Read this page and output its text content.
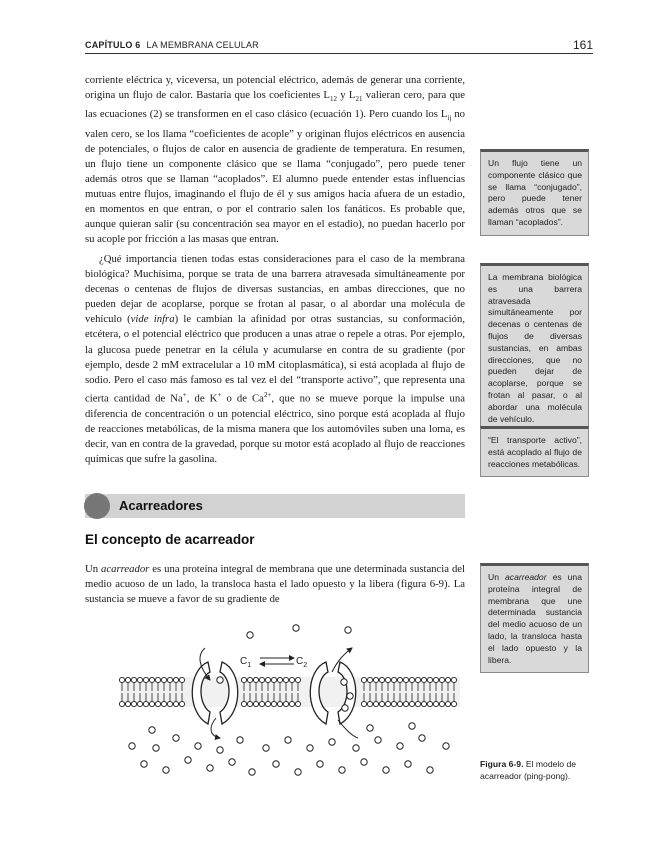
CAPÍTULO 6 LA MEMBRANA CELULAR	161

corriente eléctrica y, viceversa, un potencial eléctrico, además de generar una corriente, origina un flujo de calor. Bastaría que los coeficientes $L_{12}$ y $L_{21}$ valieran cero, para que las ecuaciones (2) se transformen en el caso clásico (ecuación 1). Pero cuando los $L_{ij}$ no valen cero, se los llama “coeficientes de acople” y originan flujos eléctricos en ausencia de potenciales, o flujos de calor en ausencia de gradiente de temperatura. En resumen, un flujo tiene un componente clásico que se llama “conjugado”, pero puede tener además otros que se llaman “acoplados”. El alumno puede entender estas influencias mutuas entre flujos, imaginando el flujo de él y sus amigos hacia afuera de un estadio, en momentos en que entran, o por el contrario salen los fanáticos. Es probable que, aunque quieran salir (su concentración sea mayor en el estadio), no puedan hacerlo por su acople por fricción a las masas que entran.

¿Qué importancia tienen todas estas consideraciones para el caso de la membrana biológica? Muchísima, porque se trata de una barrera atravesada simultáneamente por decenas o centenas de flujos de diversas sustancias, en ambas direcciones, que no pueden dejar de acoplarse, porque se frotan al pasar, o al abordar una molécula de vehículo (vide infra) le cambian la afinidad por otras sustancias, su conformación, etcétera, o el potencial eléctrico que producen a unas atrae o repele a otras. Por ejemplo, la glucosa puede penetrar en la célula y acumularse en contra de su gradiente (por ejemplo, desde 2 mM extracelular a 10 mM citoplasmática), si está acoplada al flujo de sodio. Pero el caso más famoso es tal vez el del “transporte activo”, que representa una cierta cantidad de Na+, de K+ o de $Ca^{2+}$, que no se mueve porque la impulse una diferencia de concentración o un potencial eléctrico, sino porque está acoplada al flujo de reacciones metabólicas, de la misma manera que los automóviles suben una loma, es decir, van en contra de la gravedad, porque su motor está acoplado al flujo de reacciones químicas que sufre la gasolina.

Acarreadores
El concepto de acarreador

Un acarreador es una proteína integral de membrana que une determinada sustancia del medio acuoso de un lado, la transloca hasta el lado opuesto y la libera (figura 6-9). La sustancia se mueve a favor de su gradiente de

Un flujo tiene un componente clásico que se llama “conjugado”, pero puede tener además otros que se llaman “acoplados”.
La membrana biológica es una barrera atravesada simultáneamente por decenas o centenas de flujos de diversas sustancias, en ambas direcciones, que no pueden dejar de acoplarse, porque se frotan al pasar, o al abordar una molécula de vehículo.
“El transporte activo”, está acoplado al flujo de reacciones metabólicas.
Un acarreador es una proteína integral de membrana que une determinada sustancia del medio acuoso de un lado, la transloca hasta el lado opuesto y la libera.
$C_1$	$C_2$
Figura 6-9. El modelo de acarreador (ping-pong).
